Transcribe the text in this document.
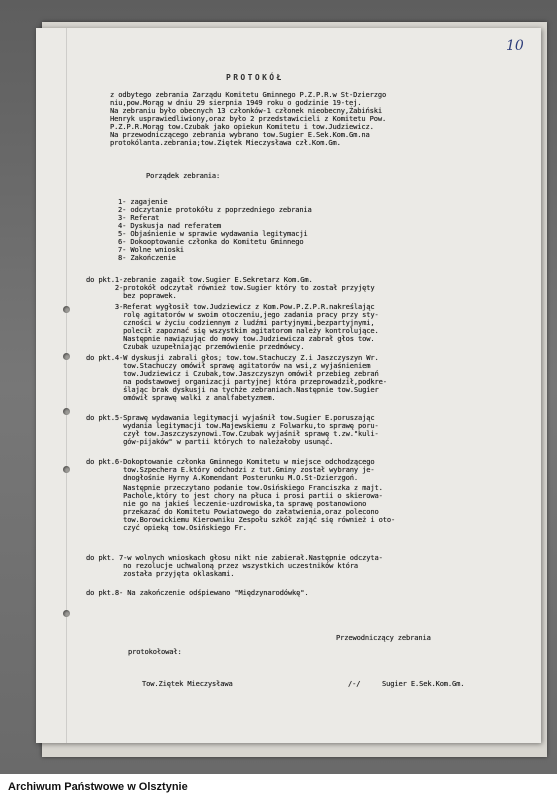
10
PROTOKÓŁ
z odbytego zebrania Zarządu Komitetu Gminnego P.Z.P.R.w St-Dzierzgo
niu,pow.Morąg w dniu 29 sierpnia 1949 roku o godzinie 19-tej.
Na zebraniu było obecnych 13 członków-1 członek nieobecny,Żabiński
Henryk usprawiedliwiony,oraz było 2 przedstawicieli z Komitetu Pow.
P.Z.P.R.Morąg tow.Czubak jako opiekun Komitetu i tow.Judziewicz.
Na przewodniczącego zebrania wybrano tow.Sugier E.Sek.Kom.Gm.na
protokólanta.zebrania;tow.Ziętek Mieczysława czł.Kom.Gm.
Porządek zebrania:
1- zagajenie
2- odczytanie protokółu z poprzedniego zebrania
3- Referat
4- Dyskusja nad referatem
5- Objaśnienie w sprawie wydawania legitymacji
6- Dokooptowanie członka do Komitetu Gminnego
7- Wolne wnioski
8- Zakończenie
do pkt.1-zebranie zagaił tow.Sugier E.Sekretarz Kom.Gm.
2-protokół odczytał również tow.Sugier który to został przyjęty
bez poprawek.
3-Referat wygłosił tow.Judziewicz z Kom.Pow.P.Z.P.R.nakreślając
rolę agitatorów w swoim otoczeniu,jego zadania pracy przy sty-
czności w życiu codziennym z ludźmi partyjnymi,bezpartyjnymi,
polecił zapoznać się wszystkim agitatorom należy kontrolujące.
Następnie nawiązując do mowy tow.Judziewicza zabrał głos tow.
Czubak uzupełniając przemówienie przedmówcy.
do pkt.4-W dyskusji zabrali głos; tow.tow.Stachuczy Z.i Jaszczyszyn Wr.
tow.Stachuczy omówił sprawę agitatorów na wsi,z wyjaśnieniem
tow.Judziewicz i Czubak,tow.Jaszczyszyn omówił przebieg zebrań
na podstawowej organizacji partyjnej która przeprowadził,podkre-
ślając brak dyskusji na tychże zebraniach.Następnie tow.Sugier
omówił sprawę walki z analfabetyzmem.
do pkt.5-Sprawę wydawania legitymacji wyjaśnił tow.Sugier E.poruszając
wydania legitymacji tow.Majewskiemu z Folwarku,to sprawę poru-
czył tow.Jaszczyszynowi.Tow.Czubak wyjaśnił sprawę t.zw."kuli-
gów-pijaków" w partii których to należałoby usunąć.
do pkt.6-Dokoptowanie członka Gminnego Komitetu w miejsce odchodzącego
tow.Szpechera E.który odchodzi z tut.Gminy został wybrany je-
dnogłośnie Hyrny A.Komendant Posterunku M.O.St-Dzierzgoń.
Następnie przeczytano podanie tow.Osińskiego Franciszka z majt.
Pachole,który to jest chory na płuca i prosi partii o skierowa-
nie go na jakieś leczenie-uzdrowiska,ta sprawę postanowiono
przekazać do Komitetu Powiatowego do załatwienia,oraz polecono
tow.Borowickiemu Kierowniku Zespołu szkół zająć się również i oto-
czyć opieką tow.Osińskiego Fr.
do pkt. 7-w wolnych wnioskach głosu nikt nie zabierał.Następnie odczyta-
no rezolucje uchwaloną przez wszystkich uczestników która
została przyjęta oklaskami.
do pkt.8- Na zakończenie odśpiewano "Międzynarodówkę".
protokołował:
Przewodniczący zebrania
Tow.Ziętek Mieczysława	/-/	Sugier E.Sek.Kom.Gm.
Archiwum Państwowe w Olsztynie
